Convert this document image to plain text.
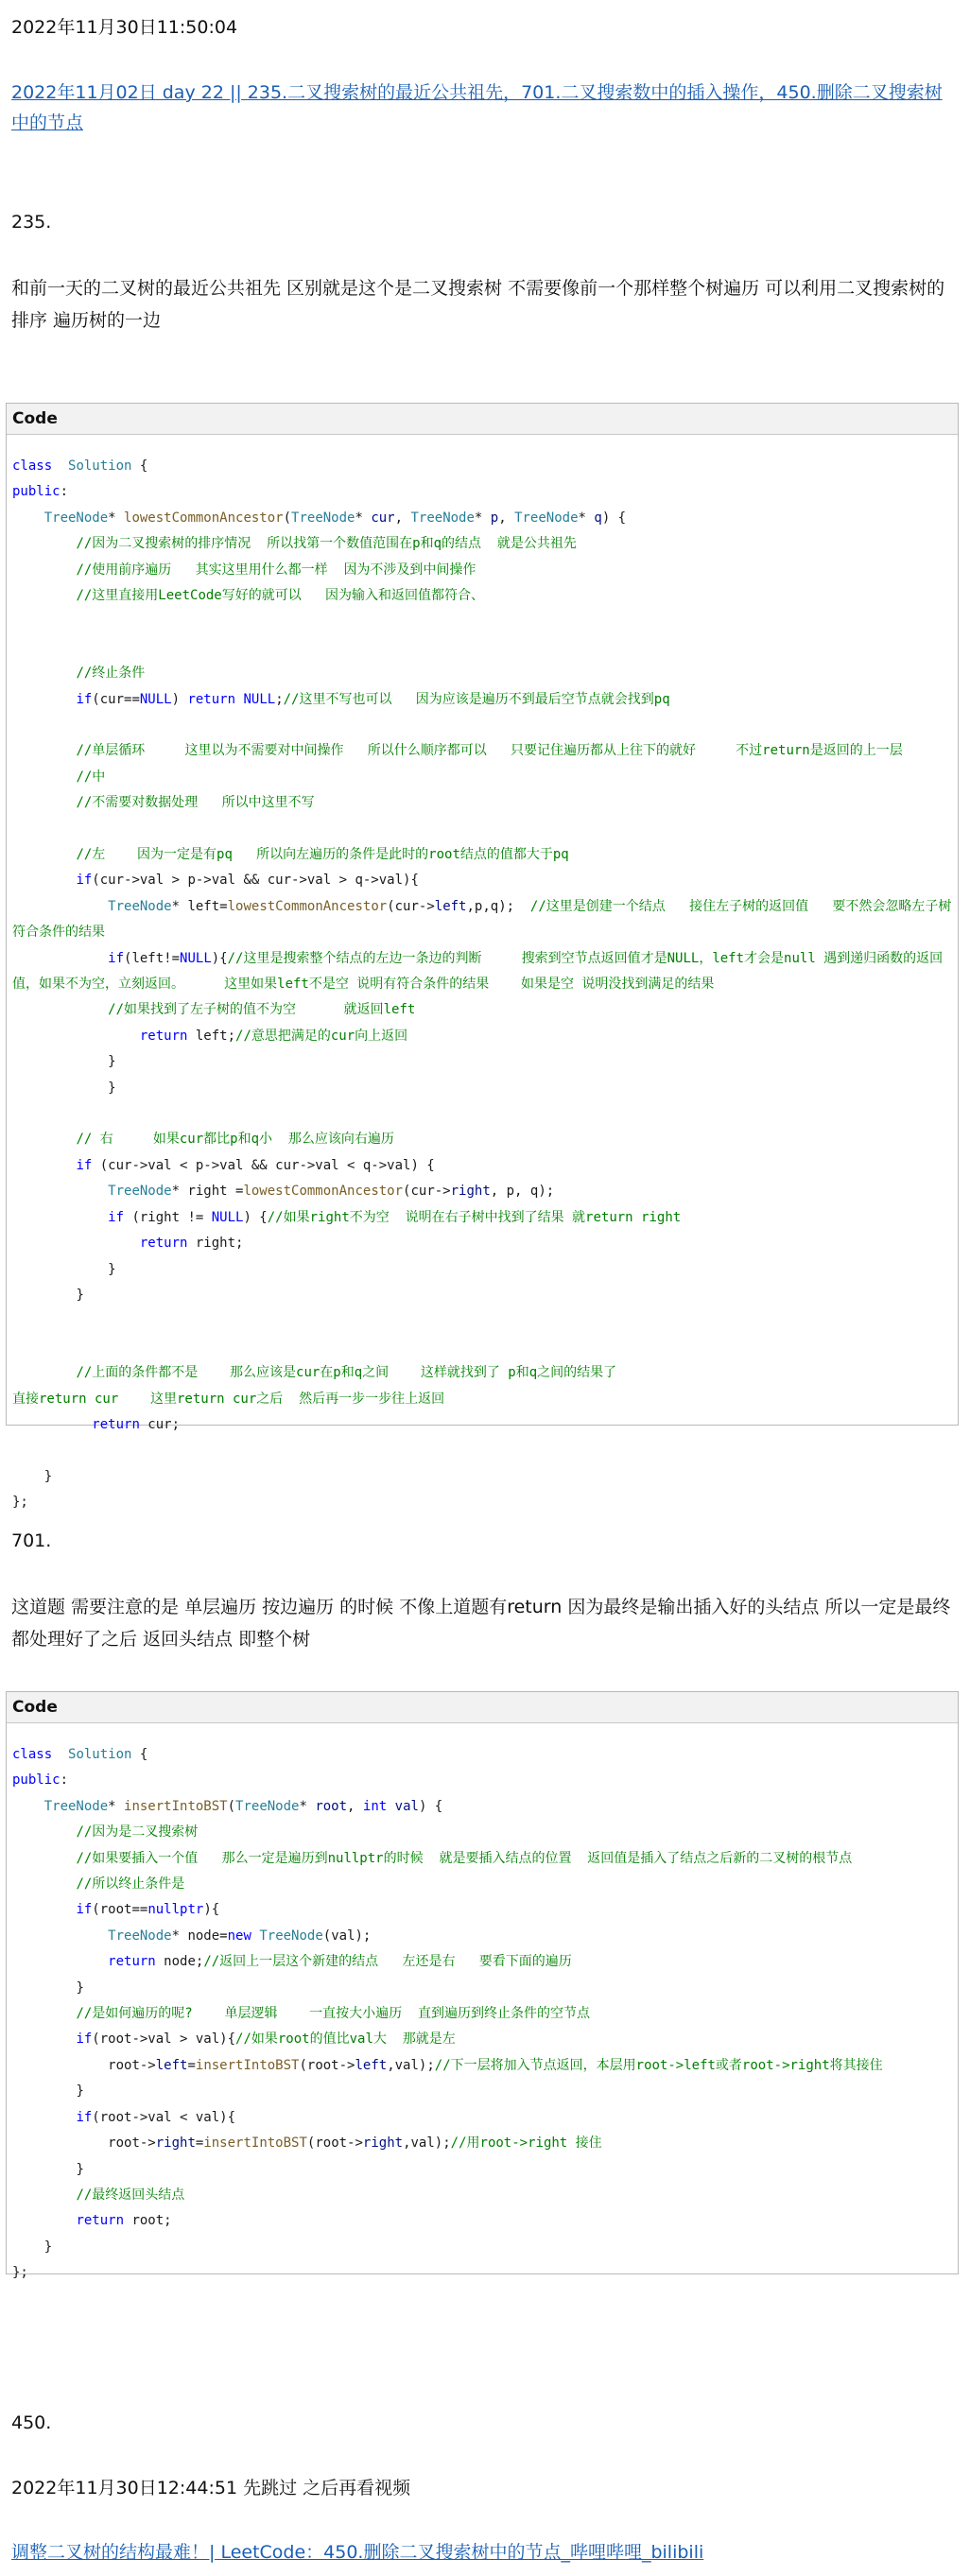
2022年11月30日11:50:04
2022年11月02日 day 22 || 235.二叉搜索树的最近公共祖先，701.二叉搜索数中的插入操作，450.删除二叉搜索树中的节点
235.
和前一天的二叉树的最近公共祖先 区别就是这个是二叉搜索树 不需要像前一个那样整个树遍历 可以利用二叉搜索树的排序 遍历树的一边
Code
class Solution {
public:
TreeNode* lowestCommonAncestor(TreeNode* cur, TreeNode* p, TreeNode* q) {
//因为二叉搜索树的排序情况  所以找第一个数值范围在p和q的结点  就是公共祖先
//使用前序遍历   其实这里用什么都一样  因为不涉及到中间操作
//这里直接用LeetCode写好的就可以   因为输入和返回值都符合、
//终止条件
if(cur==NULL) return NULL;//这里不写也可以   因为应该是遍历不到最后空节点就会找到pq
//单层循环     这里以为不需要对中间操作   所以什么顺序都可以   只要记住遍历都从上往下的就好     不过return是返回的上一层
//中
//不需要对数据处理   所以中这里不写
//左    因为一定是有pq   所以向左遍历的条件是此时的root结点的值都大于pq
if(cur->val > p->val && cur->val > q->val){
TreeNode* left=lowestCommonAncestor(cur->left,p,q);  //这里是创建一个结点   接住左子树的返回值   要不然会忽略左子树符合条件的结果
if(left!=NULL){//这里是搜索整个结点的左边一条边的判断     搜索到空节点返回值才是NULL，left才会是null 遇到递归函数的返回值，如果不为空，立刻返回。     这里如果left不是空 说明有符合条件的结果    如果是空 说明没找到满足的结果
//如果找到了左子树的值不为空      就返回left
return left;//意思把满足的cur向上返回
}
}
// 右     如果cur都比p和q小  那么应该向右遍历
if (cur->val < p->val && cur->val < q->val) {
TreeNode* right =lowestCommonAncestor(cur->right, p, q);
if (right != NULL) {//如果right不为空  说明在右子树中找到了结果 就return right
return right;
}
}
//上面的条件都不是    那么应该是cur在p和q之间    这样就找到了 p和q之间的结果了
直接return cur    这里return cur之后  然后再一步一步往上返回
return cur;
}
};
701.
这道题 需要注意的是 单层遍历 按边遍历 的时候 不像上道题有return 因为最终是输出插入好的头结点 所以一定是最终都处理好了之后 返回头结点 即整个树
Code
class Solution {
public:
TreeNode* insertIntoBST(TreeNode* root, int val) {
//因为是二叉搜索树
//如果要插入一个值   那么一定是遍历到nullptr的时候  就是要插入结点的位置  返回值是插入了结点之后新的二叉树的根节点
//所以终止条件是
if(root==nullptr){
TreeNode* node=new TreeNode(val);
return node;//返回上一层这个新建的结点   左还是右   要看下面的遍历
}
//是如何遍历的呢?    单层逻辑    一直按大小遍历  直到遍历到终止条件的空节点
if(root->val > val){//如果root的值比val大  那就是左
root->left=insertIntoBST(root->left,val);//下一层将加入节点返回，本层用root->left或者root->right将其接住
}
if(root->val < val){
root->right=insertIntoBST(root->right,val);//用root->right 接住
}
//最终返回头结点
return root;
}
};
450.
2022年11月30日12:44:51 先跳过 之后再看视频
调整二叉树的结构最难！| LeetCode：450.删除二叉搜索树中的节点_哔哩哔哩_bilibili
